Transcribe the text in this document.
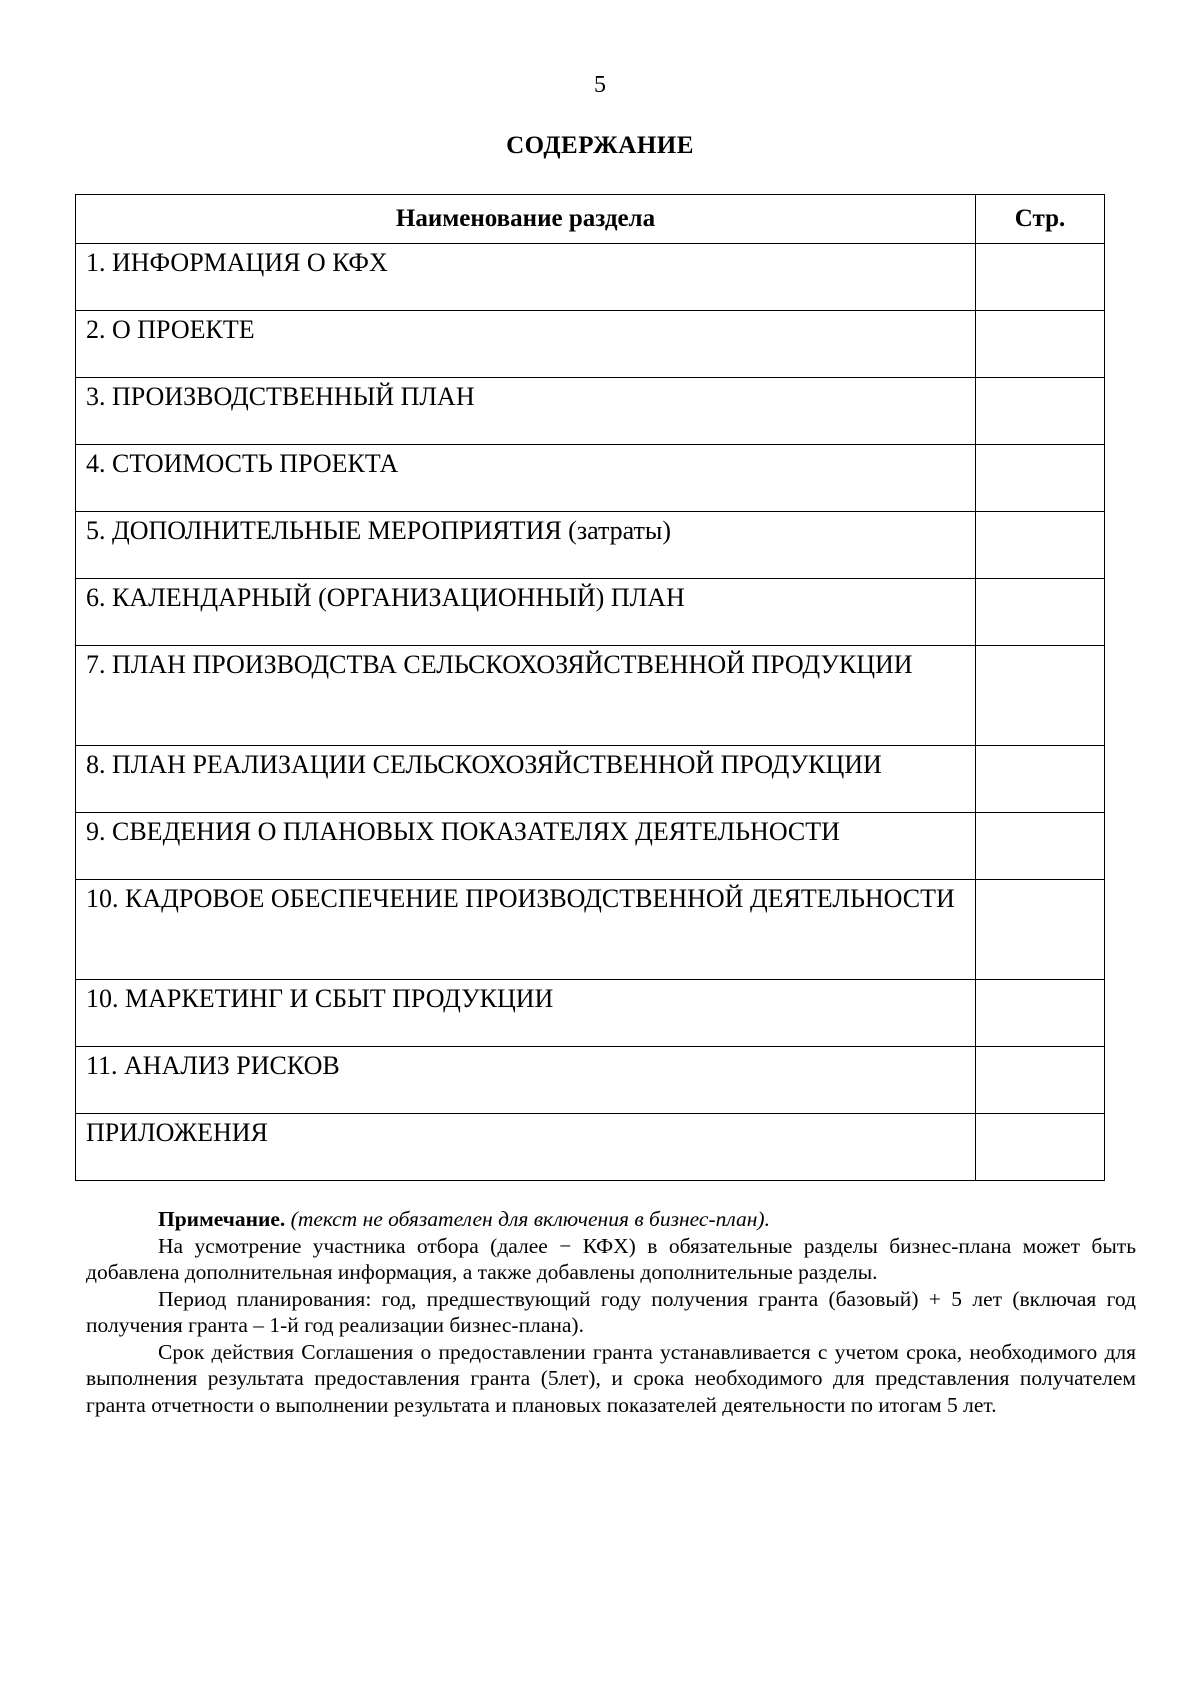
5
СОДЕРЖАНИЕ
Наименование раздела	Стр.
1. ИНФОРМАЦИЯ О КФХ	
2. О ПРОЕКТЕ	
3. ПРОИЗВОДСТВЕННЫЙ ПЛАН	
4. СТОИМОСТЬ ПРОЕКТА	
5. ДОПОЛНИТЕЛЬНЫЕ МЕРОПРИЯТИЯ (затраты)	
6. КАЛЕНДАРНЫЙ (ОРГАНИЗАЦИОННЫЙ) ПЛАН	
7. ПЛАН ПРОИЗВОДСТВА СЕЛЬСКОХОЗЯЙСТВЕННОЙ ПРОДУКЦИИ	
8. ПЛАН РЕАЛИЗАЦИИ СЕЛЬСКОХОЗЯЙСТВЕННОЙ ПРОДУКЦИИ	
9. СВЕДЕНИЯ О ПЛАНОВЫХ ПОКАЗАТЕЛЯХ ДЕЯТЕЛЬНОСТИ	
10. КАДРОВОЕ ОБЕСПЕЧЕНИЕ ПРОИЗВОДСТВЕННОЙ ДЕЯТЕЛЬНОСТИ	
10. МАРКЕТИНГ И СБЫТ ПРОДУКЦИИ	
11. АНАЛИЗ РИСКОВ	
ПРИЛОЖЕНИЯ	

Примечание. (текст не обязателен для включения в бизнес-план).

На усмотрение участника отбора (далее − КФХ) в обязательные разделы бизнес-плана может быть добавлена дополнительная информация, а также добавлены дополнительные разделы.

Период планирования: год, предшествующий году получения гранта (базовый) + 5 лет (включая год получения гранта – 1-й год реализации бизнес-плана).

Срок действия Соглашения о предоставлении гранта устанавливается с учетом срока, необходимого для выполнения результата предоставления гранта (5лет), и срока необходимого для представления получателем гранта отчетности о выполнении результата и плановых показателей деятельности по итогам 5 лет.
